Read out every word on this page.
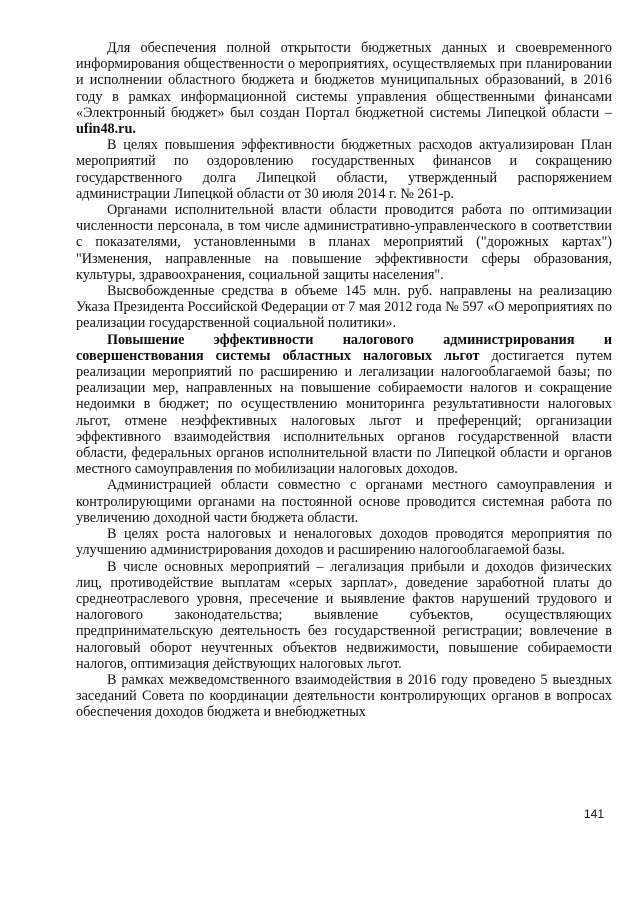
Для обеспечения полной открытости бюджетных данных и своевременного информирования общественности о мероприятиях, осуществляемых при планировании и исполнении областного бюджета и бюджетов муниципальных образований, в 2016 году в рамках информационной системы управления общественными финансами «Электронный бюджет» был создан Портал бюджетной системы Липецкой области – ufin48.ru.

В целях повышения эффективности бюджетных расходов актуализирован План мероприятий по оздоровлению государственных финансов и сокращению государственного долга Липецкой области, утвержденный распоряжением администрации Липецкой области от 30 июля 2014 г. № 261-р.

Органами исполнительной власти области проводится работа по оптимизации численности персонала, в том числе административно-управленческого в соответствии с показателями, установленными в планах мероприятий ("дорожных картах") "Изменения, направленные на повышение эффективности сферы образования, культуры, здравоохранения, социальной защиты населения".

Высвобожденные средства в объеме 145 млн. руб. направлены на реализацию Указа Президента Российской Федерации от 7 мая 2012 года № 597 «О мероприятиях по реализации государственной социальной политики».

Повышение эффективности налогового администрирования и совершенствования системы областных налоговых льгот достигается путем реализации мероприятий по расширению и легализации налогооблагаемой базы; по реализации мер, направленных на повышение собираемости налогов и сокращение недоимки в бюджет; по осуществлению мониторинга результативности налоговых льгот, отмене неэффективных налоговых льгот и преференций; организации эффективного взаимодействия исполнительных органов государственной власти области, федеральных органов исполнительной власти по Липецкой области и органов местного самоуправления по мобилизации налоговых доходов.

Администрацией области совместно с органами местного самоуправления и контролирующими органами на постоянной основе проводится системная работа по увеличению доходной части бюджета области.

В целях роста налоговых и неналоговых доходов проводятся мероприятия по улучшению администрирования доходов и расширению налогооблагаемой базы.

В числе основных мероприятий – легализация прибыли и доходов физических лиц, противодействие выплатам «серых зарплат», доведение заработной платы до среднеотраслевого уровня, пресечение и выявление фактов нарушений трудового и налогового законодательства; выявление субъектов, осуществляющих предпринимательскую деятельность без государственной регистрации; вовлечение в налоговый оборот неучтенных объектов недвижимости, повышение собираемости налогов, оптимизация действующих налоговых льгот.

В рамках межведомственного взаимодействия в 2016 году проведено 5 выездных заседаний Совета по координации деятельности контролирующих органов в вопросах обеспечения доходов бюджета и внебюджетных

141
